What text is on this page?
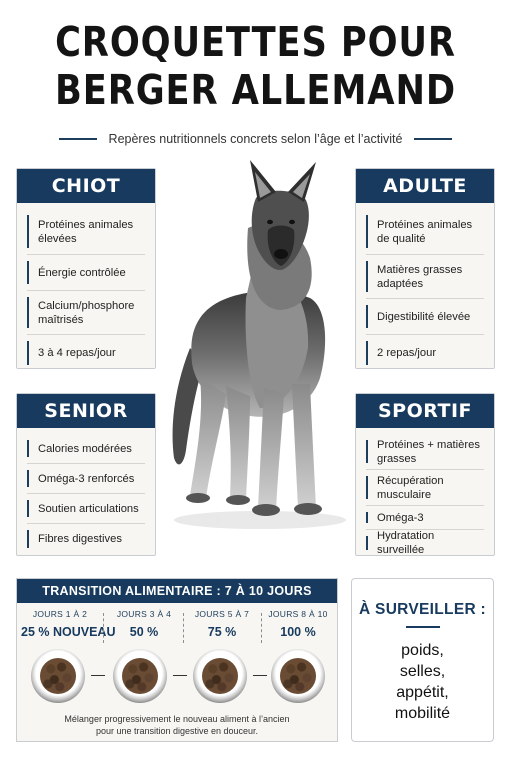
CROQUETTES POUR
BERGER ALLEMAND
Repères nutritionnels concrets selon l’âge et l’activité
CHIOT
Protéines animales élevées
Énergie contrôlée
Calcium/phosphore maîtrisés
3 à 4 repas/jour
ADULTE
Protéines animales de qualité
Matières grasses adaptées
Digestibilité élevée
2 repas/jour
SENIOR
Calories modérées
Oméga-3 renforcés
Soutien articulations
Fibres digestives
SPORTIF
Protéines + matières grasses
Récupération musculaire
Oméga-3
Hydratation surveillée
TRANSITION ALIMENTAIRE : 7 À 10 JOURS
JOURS 1 À 2
25 % NOUVEAU
JOURS 3 À 4
50 %
JOURS 5 À 7
75 %
JOURS 8 À 10
100 %
Mélanger progressivement le nouveau aliment à l’ancien
pour une transition digestive en douceur.
À SURVEILLER :
poids,
selles,
appétit,
mobilité
